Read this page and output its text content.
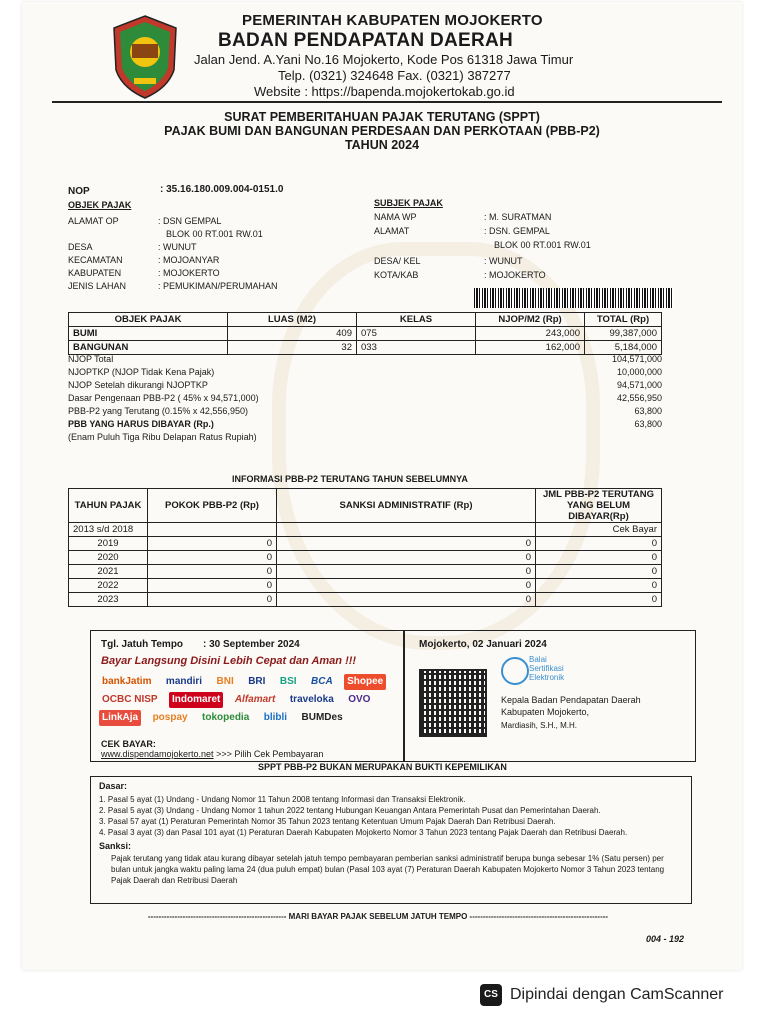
PEMERINTAH KABUPATEN MOJOKERTO
BADAN PENDAPATAN DAERAH
Jalan Jend. A.Yani No.16 Mojokerto, Kode Pos 61318 Jawa Timur
Telp. (0321) 324648 Fax. (0321) 387277
Website : https://bapenda.mojokertokab.go.id
SURAT PEMBERITAHUAN PAJAK TERUTANG (SPPT)
PAJAK BUMI DAN BANGUNAN PERDESAAN DAN PERKOTAAN (PBB-P2)
TAHUN 2024
NOP	: 35.16.180.009.004-0151.0
OBJEK PAJAK
ALAMAT OP	: DSN GEMPAL
BLOK 00 RT.001 RW.01
DESA	: WUNUT
KECAMATAN	: MOJOANYAR
KABUPATEN	: MOJOKERTO
JENIS LAHAN	: PEMUKIMAN/PERUMAHAN
SUBJEK PAJAK
NAMA WP	: M. SURATMAN
ALAMAT	: DSN. GEMPAL
BLOK 00 RT.001 RW.01
DESA/ KEL	: WUNUT
KOTA/KAB	: MOJOKERTO
OBJEK PAJAK	LUAS (M2)	KELAS	NJOP/M2 (Rp)	TOTAL (Rp)
BUMI	409	075	243,000	99,387,000
BANGUNAN	32	033	162,000	5,184,000
NJOP Total	104,571,000
NJOPTKP (NJOP Tidak Kena Pajak)	10,000,000
NJOP Setelah dikurangi NJOPTKP	94,571,000
Dasar Pengenaan PBB-P2 ( 45% x 94,571,000)	42,556,950
PBB-P2 yang Terutang (0.15% x 42,556,950)	63,800
PBB YANG HARUS DIBAYAR (Rp.)	63,800
(Enam Puluh Tiga Ribu Delapan Ratus Rupiah)
INFORMASI PBB-P2 TERUTANG TAHUN SEBELUMNYA
TAHUN PAJAK	POKOK PBB-P2 (Rp)	SANKSI ADMINISTRATIF (Rp)	JML PBB-P2 TERUTANG YANG BELUM DIBAYAR(Rp)
2013 s/d 2018			Cek Bayar
2019	0	0	0
2020	0	0	0
2021	0	0	0
2022	0	0	0
2023	0	0	0
Tgl. Jatuh Tempo : 30 September 2024
Bayar Langsung Disini Lebih Cepat dan Aman !!!
bankJatim mandiri BNI BRI BSI BCA Shopee OCBC NISP Indomaret Alfamart traveloka OVO LinkAja pospay tokopedia blibli BUMDes
CEK BAYAR:
www.dispendamojokerto.net >>> Pilih Cek Pembayaran
Mojokerto, 02 Januari 2024
Balai
Sertifikasi
Elektronik
Kepala Badan Pendapatan Daerah
Kabupaten Mojokerto,
Mardiasih, S.H., M.H.
SPPT PBB-P2 BUKAN MERUPAKAN BUKTI KEPEMILIKAN
Dasar:
1. Pasal 5 ayat (1) Undang - Undang Nomor 11 Tahun 2008 tentang Informasi dan Transaksi Elektronik.
2. Pasal 5 ayat (3) Undang - Undang Nomor 1 tahun 2022 tentang Hubungan Keuangan Antara Pemerintah Pusat dan Pemerintahan Daerah.
3. Pasal 57 ayat (1) Peraturan Pemerintah Nomor 35 Tahun 2023 tentang Ketentuan Umum Pajak Daerah Dan Retribusi Daerah.
4. Pasal 3 ayat (3) dan Pasal 101 ayat (1) Peraturan Daerah Kabupaten Mojokerto Nomor 3 Tahun 2023 tentang Pajak Daerah dan Retribusi Daerah.
Sanksi:
Pajak terutang yang tidak atau kurang dibayar setelah jatuh tempo pembayaran pemberian sanksi administratif berupa bunga sebesar 1% (Satu persen) per bulan untuk jangka waktu paling lama 24 (dua puluh empat) bulan (Pasal 103 ayat (7) Peraturan Daerah Kabupaten Mojokerto Nomor 3 Tahun 2023 tentang Pajak Daerah dan Retribusi Daerah
---------------------------------------------------- MARI BAYAR PAJAK SEBELUM JATUH TEMPO ----------------------------------------------------
004 - 192
CS Dipindai dengan CamScanner
